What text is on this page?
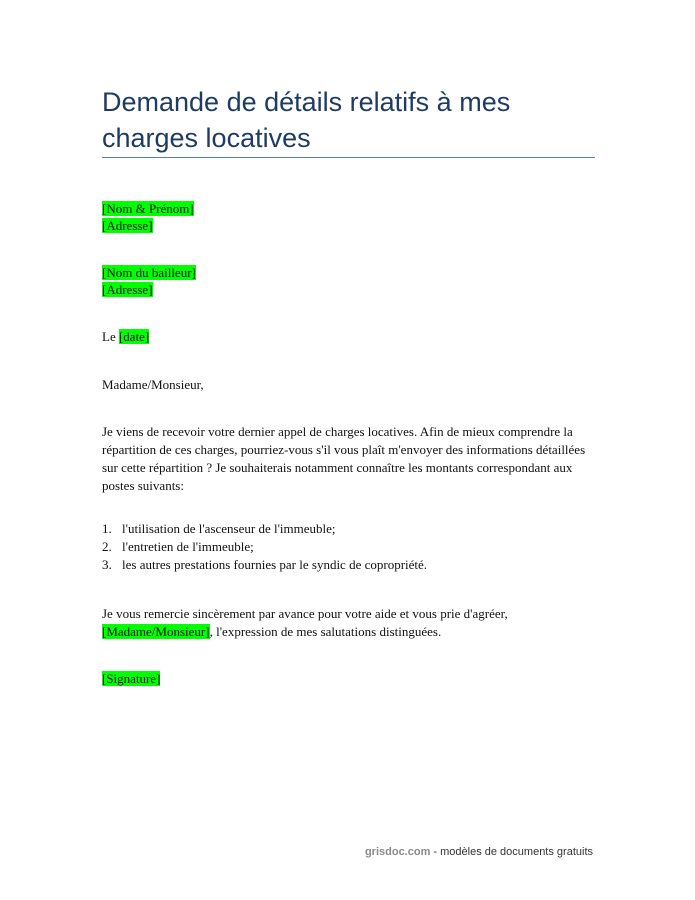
Demande de détails relatifs à mes charges locatives
[Nom & Prénom]
[Adresse]
[Nom du bailleur]
[Adresse]
Le [date]
Madame/Monsieur,
Je viens de recevoir votre dernier appel de charges locatives. Afin de mieux comprendre la répartition de ces charges, pourriez-vous s'il vous plaît m'envoyer des informations détaillées sur cette répartition ? Je souhaiterais notamment connaître les montants correspondant aux postes suivants:
1. l'utilisation de l'ascenseur de l'immeuble;
2. l'entretien de l'immeuble;
3. les autres prestations fournies par le syndic de copropriété.
Je vous remercie sincèrement par avance pour votre aide et vous prie d'agréer,
[Madame/Monsieur], l'expression de mes salutations distinguées.
[Signature]
grisdoc.com - modèles de documents gratuits
